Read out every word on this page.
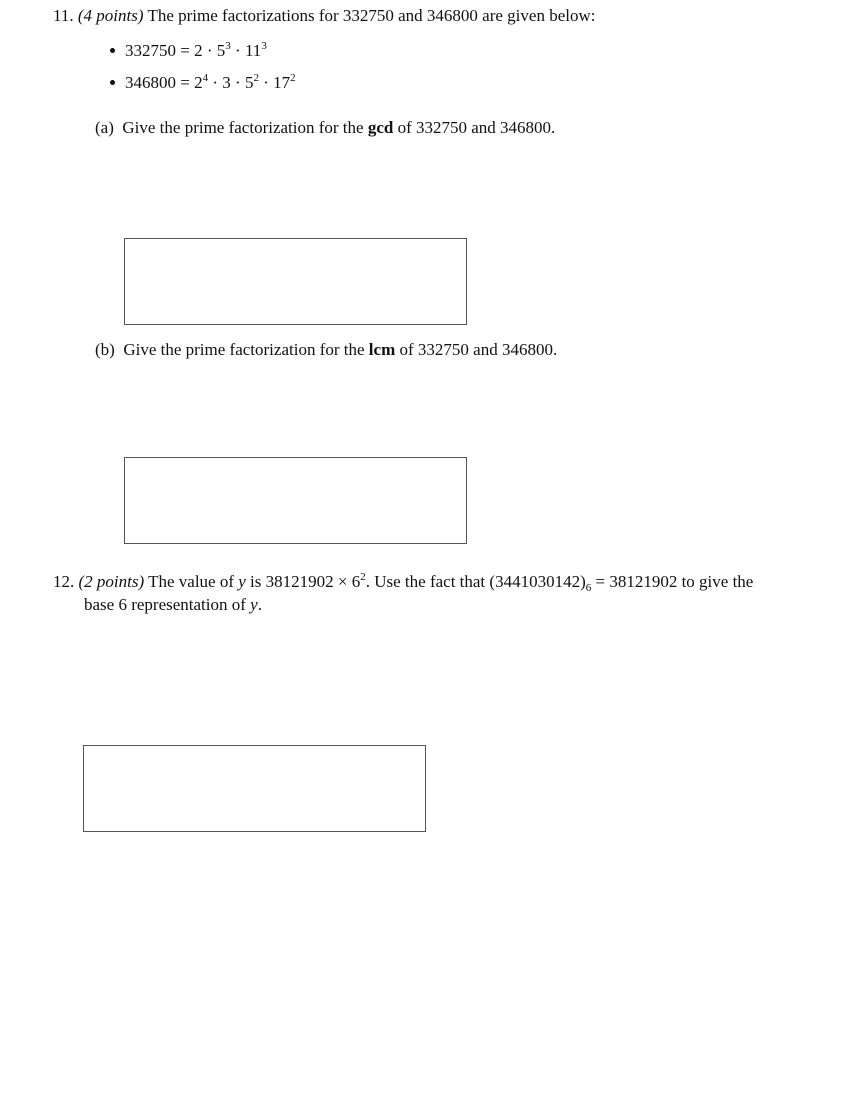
11. (4 points) The prime factorizations for 332750 and 346800 are given below:
$332750 = 2 \cdot 5^3 \cdot 11^3$
$346800 = 2^4 \cdot 3 \cdot 5^2 \cdot 17^2$
(a) Give the prime factorization for the gcd of 332750 and 346800.
(b) Give the prime factorization for the lcm of 332750 and 346800.
12. (2 points) The value of y is $38121902 \times 6^2$. Use the fact that $(3441030142)_6 = 38121902$ to give the
base 6 representation of y.
